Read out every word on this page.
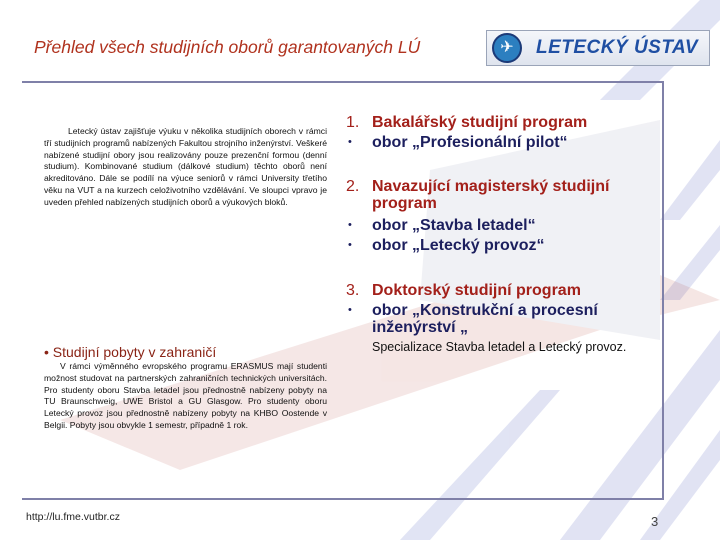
Přehled všech studijních oborů garantovaných LÚ	✈	LETECKÝ ÚSTAV
Letecký ústav zajišťuje výuku v několika studijních oborech v rámci tří studijních programů nabízených Fakultou strojního inženýrství. Veškeré nabízené studijní obory jsou realizovány pouze prezenční formou (denní studium). Kombinované studium (dálkové studium) těchto oborů není akreditováno. Dále se podílí na výuce seniorů v rámci University třetího věku na VUT a na kurzech celoživotního vzdělávání. Ve sloupci vpravo je uveden přehled nabízených studijních oborů a výukových bloků.
• Studijní pobyty v zahraničí
V rámci výměnného evropského programu ERASMUS mají studenti možnost studovat na partnerských zahraničních technických universitách. Pro studenty oboru Stavba letadel jsou přednostně nabízeny pobyty na TU Braunschweig, UWE Bristol a GU Glasgow. Pro studenty oboru Letecký provoz jsou přednostně nabízeny pobyty na KHBO Oostende v Belgii. Pobyty jsou obvykle 1 semestr, případně 1 rok.
1. Bakalářský studijní program
•	obor „Profesionální pilot“
2. Navazující magisterský studijní program
•	obor „Stavba letadel“
•	obor „Letecký provoz“
3. Doktorský studijní program
•	obor „Konstrukční a procesní inženýrství „
Specializace Stavba letadel a Letecký provoz.
http://lu.fme.vutbr.cz	3
